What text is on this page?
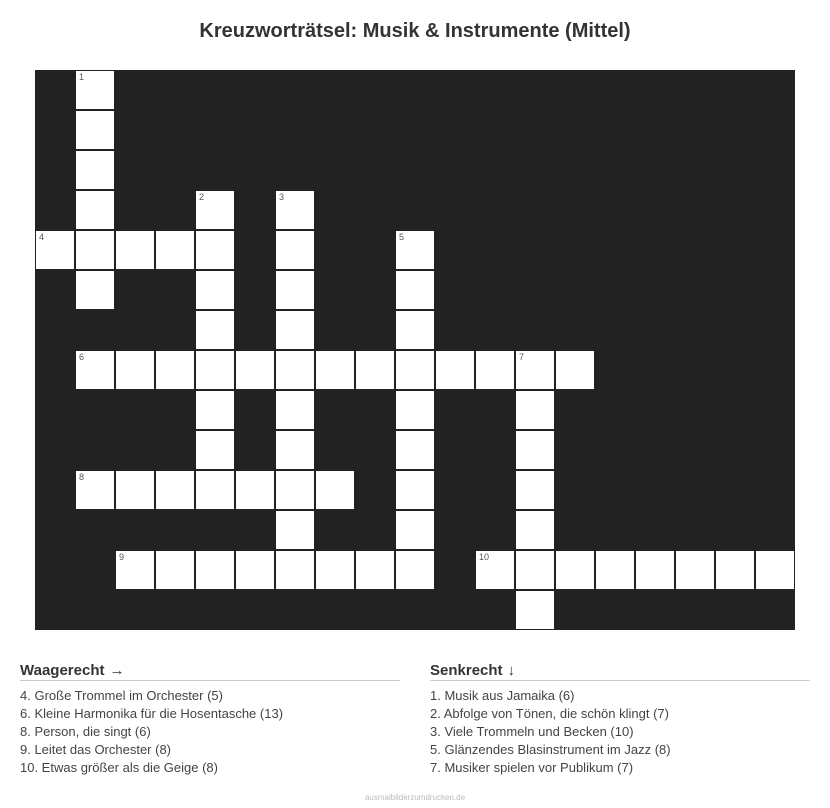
Kreuzworträtsel: Musik & Instrumente (Mittel)
1
2	3
4	5
6	7
8
9	10
Waagerecht →
4. Große Trommel im Orchester (5)
6. Kleine Harmonika für die Hosentasche (13)
8. Person, die singt (6)
9. Leitet das Orchester (8)
10. Etwas größer als die Geige (8)
Senkrecht ↓
1. Musik aus Jamaika (6)
2. Abfolge von Tönen, die schön klingt (7)
3. Viele Trommeln und Becken (10)
5. Glänzendes Blasinstrument im Jazz (8)
7. Musiker spielen vor Publikum (7)
ausmalbilderzumdrucken.de
